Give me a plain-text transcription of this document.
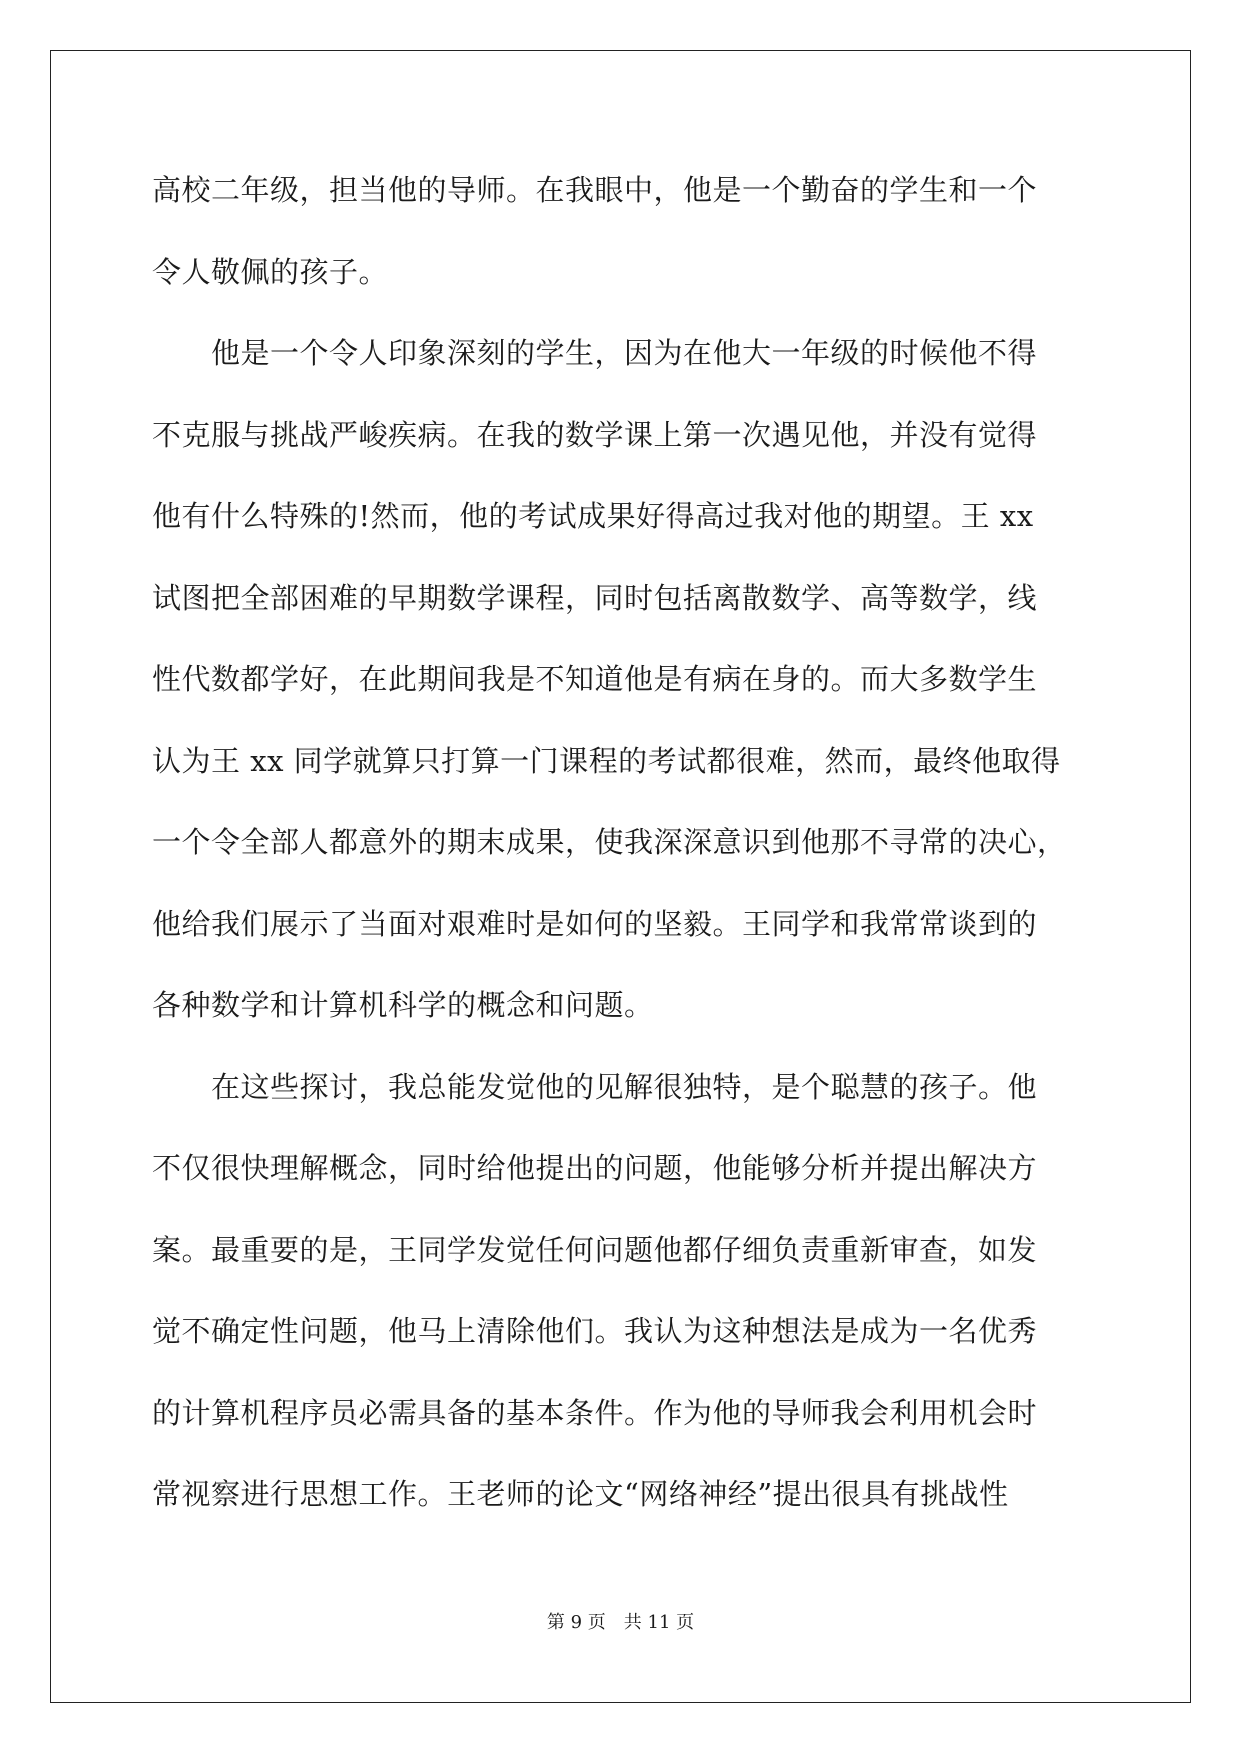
高校二年级，担当他的导师。在我眼中，他是一个勤奋的学生和一个
令人敬佩的孩子。
　　他是一个令人印象深刻的学生，因为在他大一年级的时候他不得
不克服与挑战严峻疾病。在我的数学课上第一次遇见他，并没有觉得
他有什么特殊的!然而，他的考试成果好得高过我对他的期望。王 xx
试图把全部困难的早期数学课程，同时包括离散数学、高等数学，线
性代数都学好，在此期间我是不知道他是有病在身的。而大多数学生
认为王 xx 同学就算只打算一门课程的考试都很难，然而，最终他取得
一个令全部人都意外的期末成果，使我深深意识到他那不寻常的决心，
他给我们展示了当面对艰难时是如何的坚毅。王同学和我常常谈到的
各种数学和计算机科学的概念和问题。
　　在这些探讨，我总能发觉他的见解很独特，是个聪慧的孩子。他
不仅很快理解概念，同时给他提出的问题，他能够分析并提出解决方
案。最重要的是，王同学发觉任何问题他都仔细负责重新审查，如发
觉不确定性问题，他马上清除他们。我认为这种想法是成为一名优秀
的计算机程序员必需具备的基本条件。作为他的导师我会利用机会时
常视察进行思想工作。王老师的论文“网络神经”提出很具有挑战性
第 9 页 共 11 页
